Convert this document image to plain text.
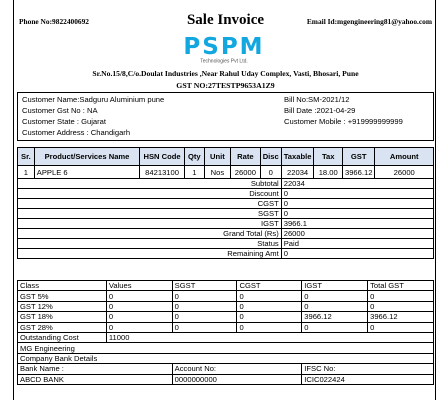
Phone No:9822400692	Sale Invoice	Email Id:mgengineering81@yahoo.com
PSPM
Technologies Pvt Ltd.
Sr.No.15/8,C/o.Doulat Industries ,Near Rahul Uday Complex, Vasti, Bhosari, Pune
GST NO:27TESTP9653A1Z9
Customer Name:Sadguru Aluminium pune
Customer Gst No : NA
Customer State : Gujarat
Customer Address : Chandigarh
Bill No:SM-2021/12
Bill Date :2021-04-29
Customer Mobile : +919999999999
Sr.	Product/Services Name	HSN Code	Qty	Unit	Rate	Disc	Taxable	Tax	GST	Amount
1	APPLE 6	84213100	1	Nos	26000	0	22034	18.00	3966.12	26000
				Subtotal			22034			
				Discount			0			
				CGST			0			
				SGST			0			
				IGST			3966.1			
				Grand Total (Rs)			26000			
				Status			Paid			
				Remaining Amt			0			
Class	Values	SGST	CGST	IGST	Total GST
GST 5%	0	0	0	0	0
GST 12%	0	0	0	0	0
GST 18%	0	0	0	3966.12	3966.12
GST 28%	0	0	0	0	0
Outstanding Cost	11000				
MG Engineering					
Company Bank Details					
Bank Name :		Account No:		IFSC No:	
ABCD BANK		0000000000		ICIC022424	
